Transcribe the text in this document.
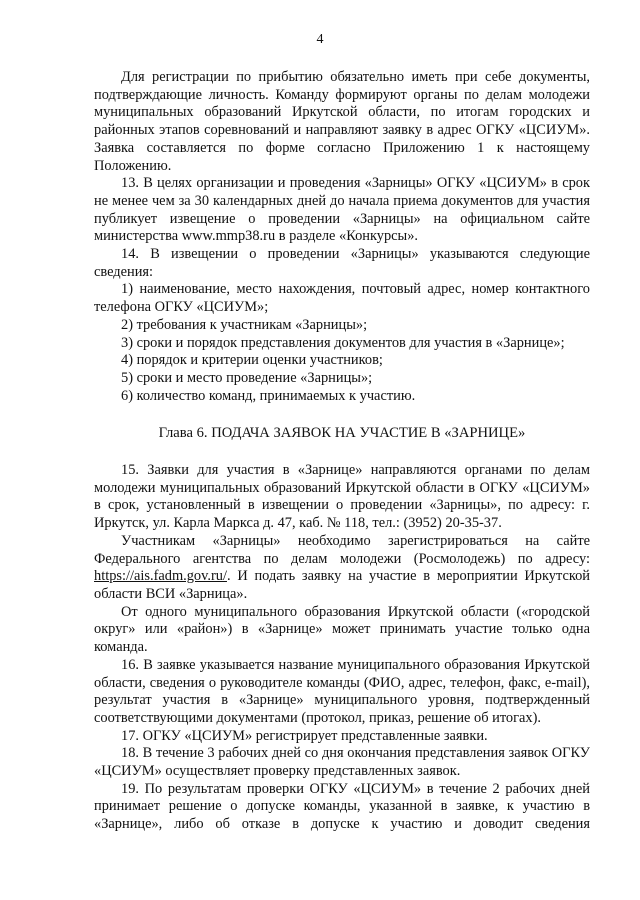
4

Для регистрации по прибытию обязательно иметь при себе документы, подтверждающие личность. Команду формируют органы по делам молодежи муниципальных образований Иркутской области, по итогам городских и районных этапов соревнований и направляют заявку в адрес ОГКУ «ЦСИУМ». Заявка составляется по форме согласно Приложению 1 к настоящему Положению.

13. В целях организации и проведения «Зарницы» ОГКУ «ЦСИУМ» в срок не менее чем за 30 календарных дней до начала приема документов для участия публикует извещение о проведении «Зарницы» на официальном сайте министерства www.mmp38.ru в разделе «Конкурсы».

14. В извещении о проведении «Зарницы» указываются следующие сведения:

1) наименование, место нахождения, почтовый адрес, номер контактного телефона ОГКУ «ЦСИУМ»;

2) требования к участникам «Зарницы»;

3) сроки и порядок представления документов для участия в «Зарнице»;

4) порядок и критерии оценки участников;

5) сроки и место проведение «Зарницы»;

6) количество команд, принимаемых к участию.

Глава 6. ПОДАЧА ЗАЯВОК НА УЧАСТИЕ В «ЗАРНИЦЕ»

15. Заявки для участия в «Зарнице» направляются органами по делам молодежи муниципальных образований Иркутской области в ОГКУ «ЦСИУМ» в срок, установленный в извещении о проведении «Зарницы», по адресу: г. Иркутск, ул. Карла Маркса д. 47, каб. № 118, тел.: (3952) 20-35-37.

Участникам «Зарницы» необходимо зарегистрироваться на сайте Федерального агентства по делам молодежи (Росмолодежь) по адресу: https://ais.fadm.gov.ru/. И подать заявку на участие в мероприятии Иркутской области ВСИ «Зарница».

От одного муниципального образования Иркутской области («городской округ» или «район») в «Зарнице» может принимать участие только одна команда.

16. В заявке указывается название муниципального образования Иркутской области, сведения о руководителе команды (ФИО, адрес, телефон, факс, e-mail), результат участия в «Зарнице» муниципального уровня, подтвержденный соответствующими документами (протокол, приказ, решение об итогах).

17. ОГКУ «ЦСИУМ» регистрирует представленные заявки.

18. В течение 3 рабочих дней со дня окончания представления заявок ОГКУ «ЦСИУМ» осуществляет проверку представленных заявок.

19. По результатам проверки ОГКУ «ЦСИУМ» в течение 2 рабочих дней принимает решение о допуске команды, указанной в заявке, к участию в «Зарнице», либо об отказе в допуске к участию и доводит сведения
